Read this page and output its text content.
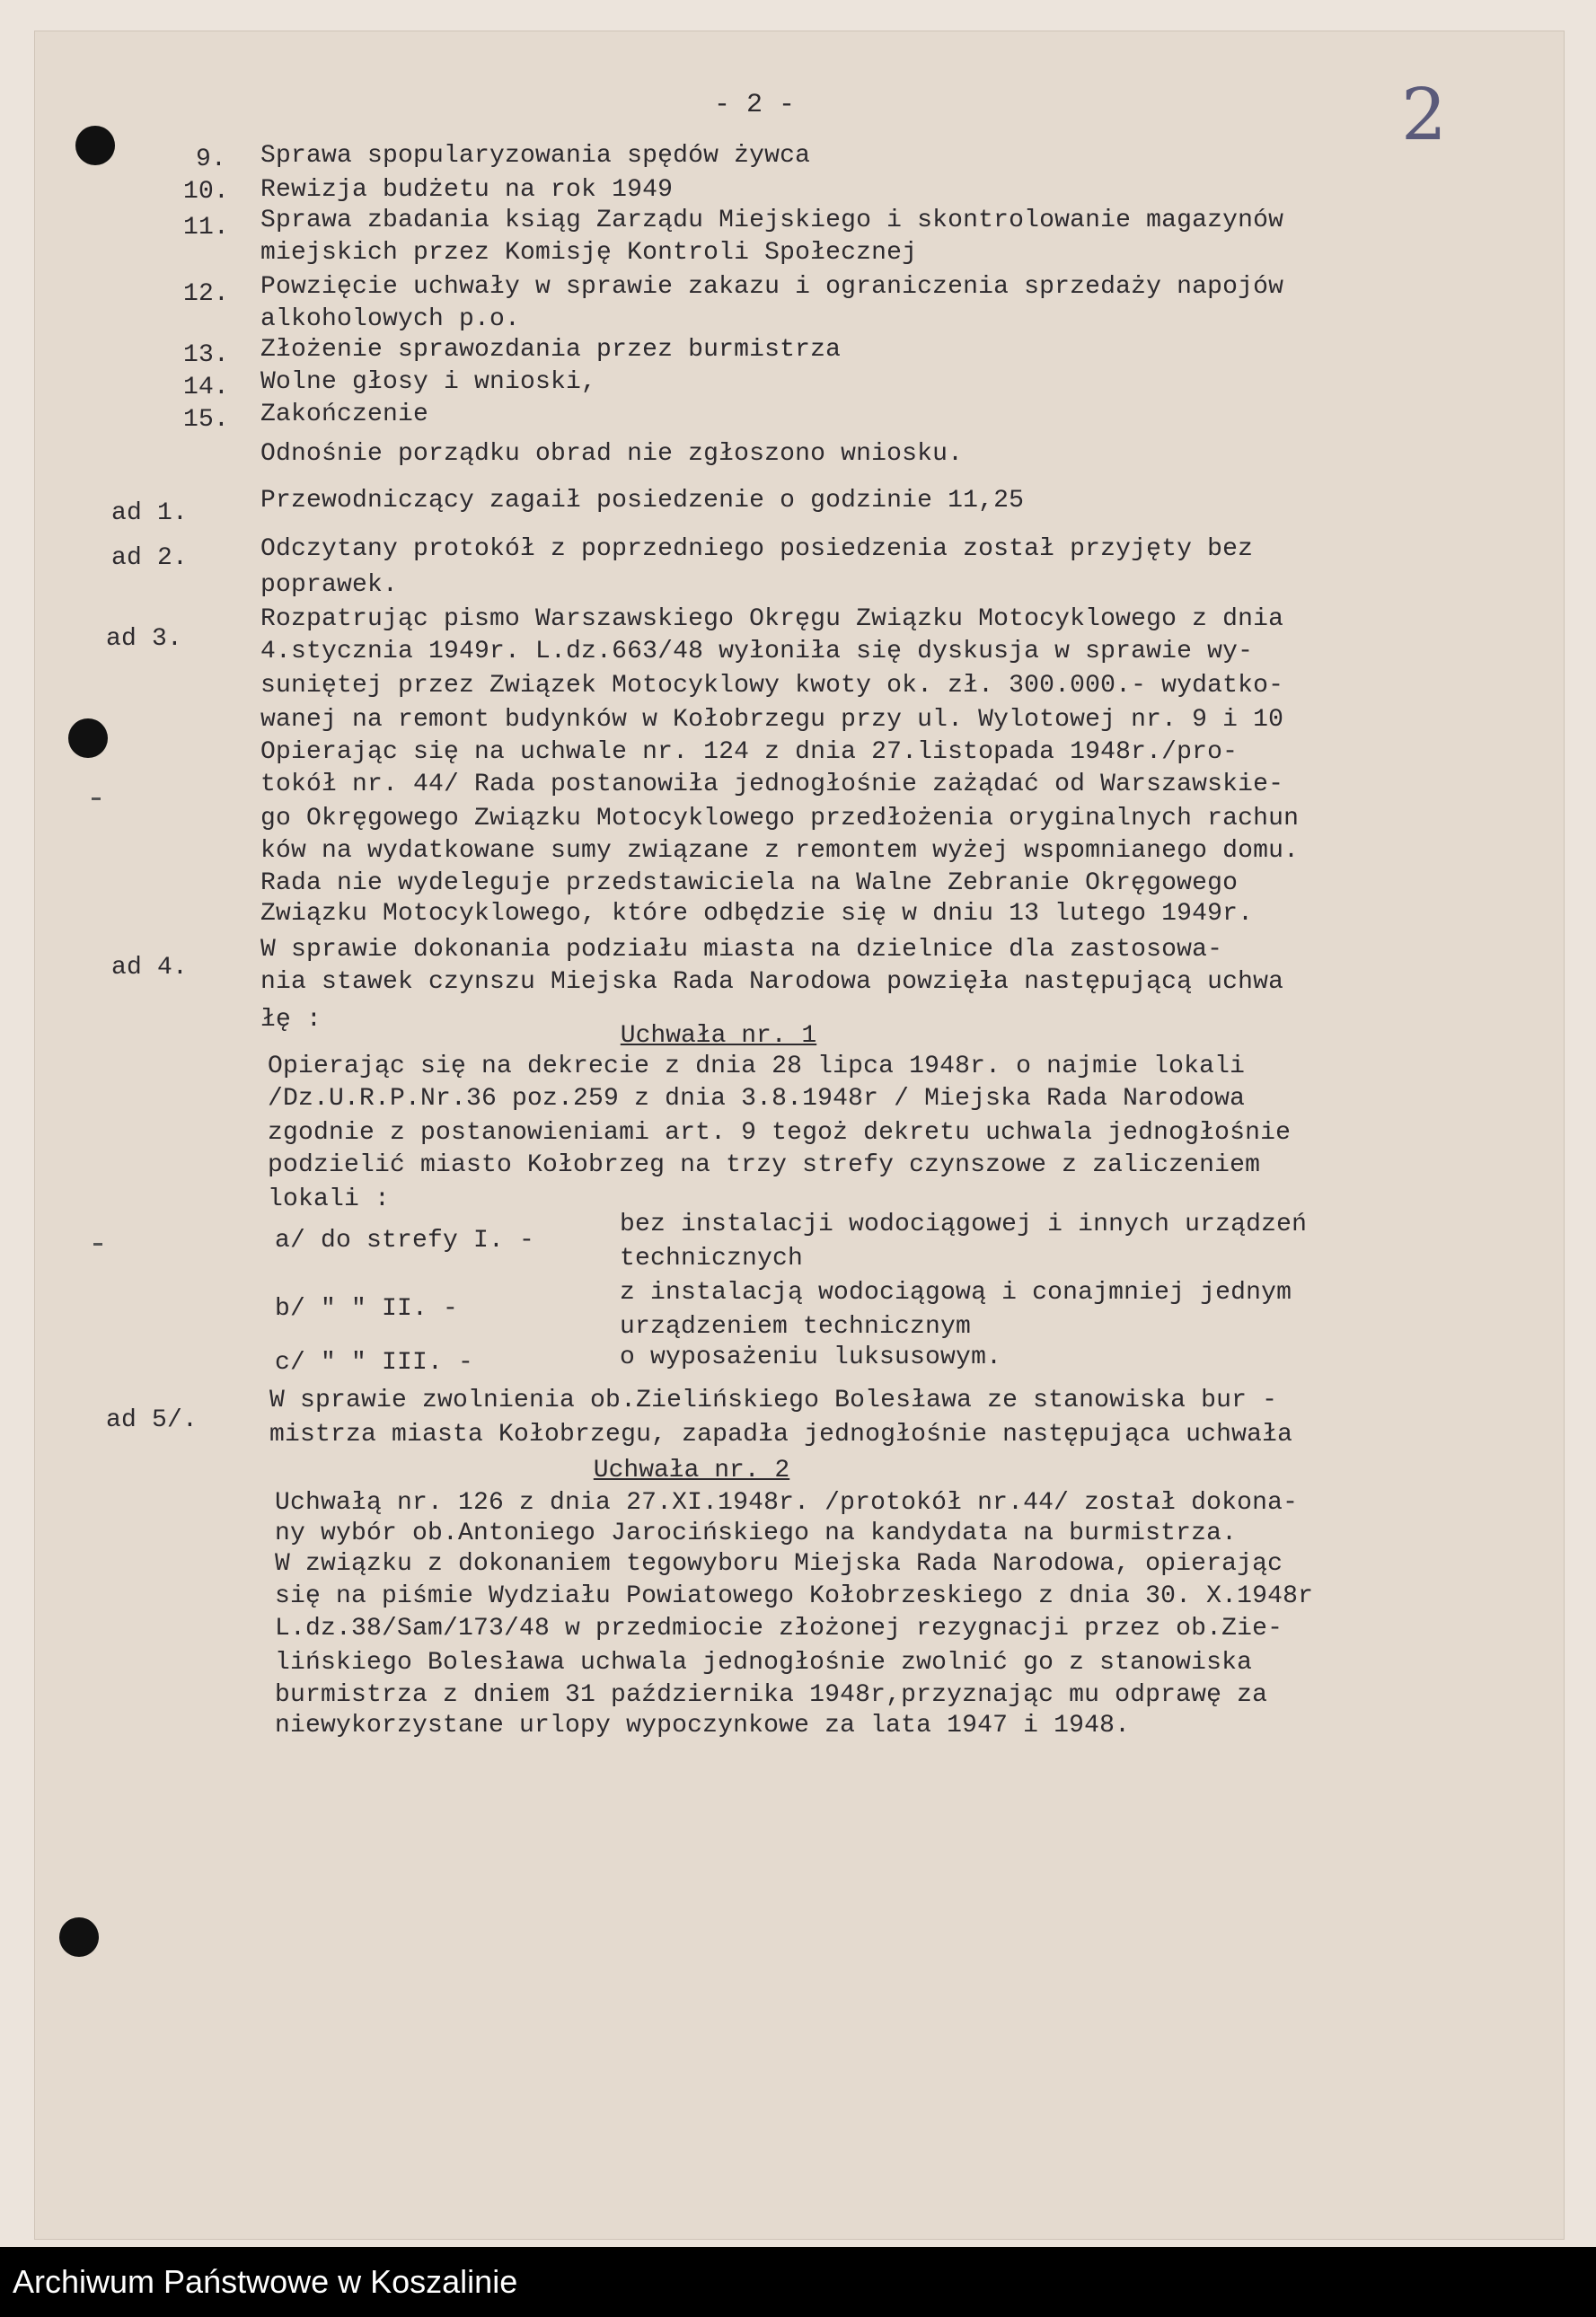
- 2 -	2
9. Sprawa spopularyzowania spędów żywca
10. Rewizja budżetu na rok 1949
11. Sprawa zbadania ksiąg Zarządu Miejskiego i skontrolowanie magazynów
miejskich przez Komisję Kontroli Społecznej
12. Powzięcie uchwały w sprawie zakazu i ograniczenia sprzedaży napojów
alkoholowych p.o.
13. Złożenie sprawozdania przez burmistrza
14. Wolne głosy i wnioski,
15. Zakończenie
Odnośnie porządku obrad nie zgłoszono wniosku.
ad 1.	Przewodniczący zagaił posiedzenie o godzinie 11,25
ad 2.	Odczytany protokół z poprzedniego posiedzenia został przyjęty bez
poprawek.
ad 3.
Rozpatrując pismo Warszawskiego Okręgu Związku Motocyklowego z dnia
4.stycznia 1949r. L.dz.663/48 wyłoniła się dyskusja w sprawie wy-
suniętej przez Związek Motocyklowy kwoty ok. zł. 300.000.- wydatko-
wanej na remont budynków w Kołobrzegu przy ul. Wylotowej nr. 9 i 10
Opierając się na uchwale nr. 124 z dnia 27.listopada 1948r./pro-
tokół nr. 44/ Rada postanowiła jednogłośnie zażądać od Warszawskie-
go Okręgowego Związku Motocyklowego przedłożenia oryginalnych rachun
ków na wydatkowane sumy związane z remontem wyżej wspomnianego domu.
Rada nie wydeleguje przedstawiciela na Walne Zebranie Okręgowego
Związku Motocyklowego, które odbędzie się w dniu 13 lutego 1949r.
ad 4.
W sprawie dokonania podziału miasta na dzielnice dla zastosowa-
nia stawek czynszu Miejska Rada Narodowa powzięła następującą uchwa
łę :
Uchwała nr. 1
Opierając się na dekrecie z dnia 28 lipca 1948r. o najmie lokali
/Dz.U.R.P.Nr.36 poz.259 z dnia 3.8.1948r / Miejska Rada Narodowa
zgodnie z postanowieniami art. 9 tegoż dekretu uchwala jednogłośnie
podzielić miasto Kołobrzeg na trzy strefy czynszowe z zaliczeniem
lokali :
a/ do strefy I. -
bez instalacji wodociągowej i innych urządzeń
technicznych
b/ " " II. -
z instalacją wodociągową i conajmniej jednym
urządzeniem technicznym
c/ " " III. -	o wyposażeniu luksusowym.
ad 5/.
W sprawie zwolnienia ob.Zielińskiego Bolesława ze stanowiska bur -
mistrza miasta Kołobrzegu, zapadła jednogłośnie następująca uchwała
Uchwała nr. 2
Uchwałą nr. 126 z dnia 27.XI.1948r. /protokół nr.44/ został dokona-
ny wybór ob.Antoniego Jarocińskiego na kandydata na burmistrza.
W związku z dokonaniem tegowyboru Miejska Rada Narodowa, opierając
się na piśmie Wydziału Powiatowego Kołobrzeskiego z dnia 30. X.1948r
L.dz.38/Sam/173/48 w przedmiocie złożonej rezygnacji przez ob.Zie-
lińskiego Bolesława uchwala jednogłośnie zwolnić go z stanowiska
burmistrza z dniem 31 października 1948r,przyznając mu odprawę za
niewykorzystane urlopy wypoczynkowe za lata 1947 i 1948.
Archiwum Państwowe w Koszalinie
